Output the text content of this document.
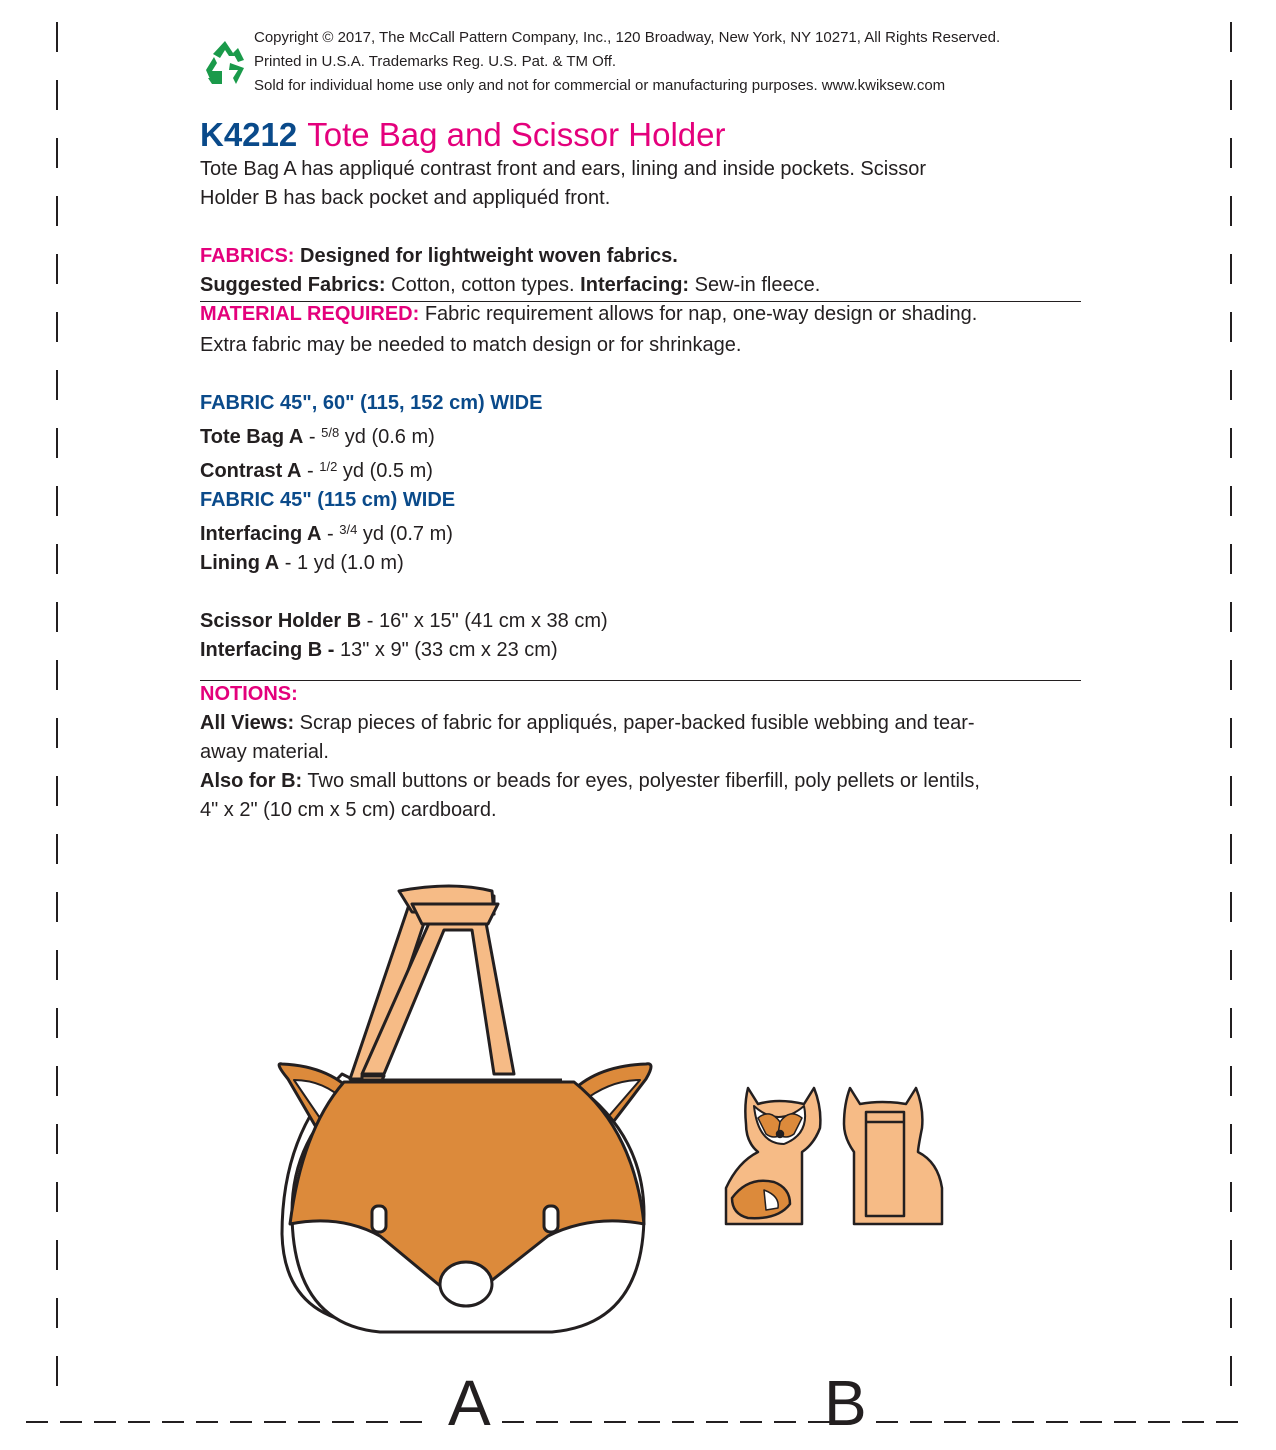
Copyright © 2017, The McCall Pattern Company, Inc., 120 Broadway, New York, NY 10271, All Rights Reserved.
Printed in U.S.A. Trademarks Reg. U.S. Pat. & TM Off.
Sold for individual home use only and not for commercial or manufacturing purposes. www.kwiksew.com
K4212 Tote Bag and Scissor Holder
Tote Bag A has appliqué contrast front and ears, lining and inside pockets. Scissor
Holder B has back pocket and appliquéd front.
FABRICS: Designed for lightweight woven fabrics.
Suggested Fabrics: Cotton, cotton types. Interfacing: Sew-in fleece.
MATERIAL REQUIRED: Fabric requirement allows for nap, one-way design or shading.
Extra fabric may be needed to match design or for shrinkage.
FABRIC 45", 60" (115, 152 cm) WIDE
Tote Bag A - $^{5/8}$ yd (0.6 m)
Contrast A - $^{1/2}$ yd (0.5 m)
FABRIC 45" (115 cm) WIDE
Interfacing A - $^{3/4}$ yd (0.7 m)
Lining A - 1 yd (1.0 m)
Scissor Holder B - 16" x 15" (41 cm x 38 cm)
Interfacing B - 13" x 9" (33 cm x 23 cm)
NOTIONS:
All Views: Scrap pieces of fabric for appliqués, paper-backed fusible webbing and tear-
away material.
Also for B: Two small buttons or beads for eyes, polyester fiberfill, poly pellets or lentils,
4" x 2" (10 cm x 5 cm) cardboard.
A	B
